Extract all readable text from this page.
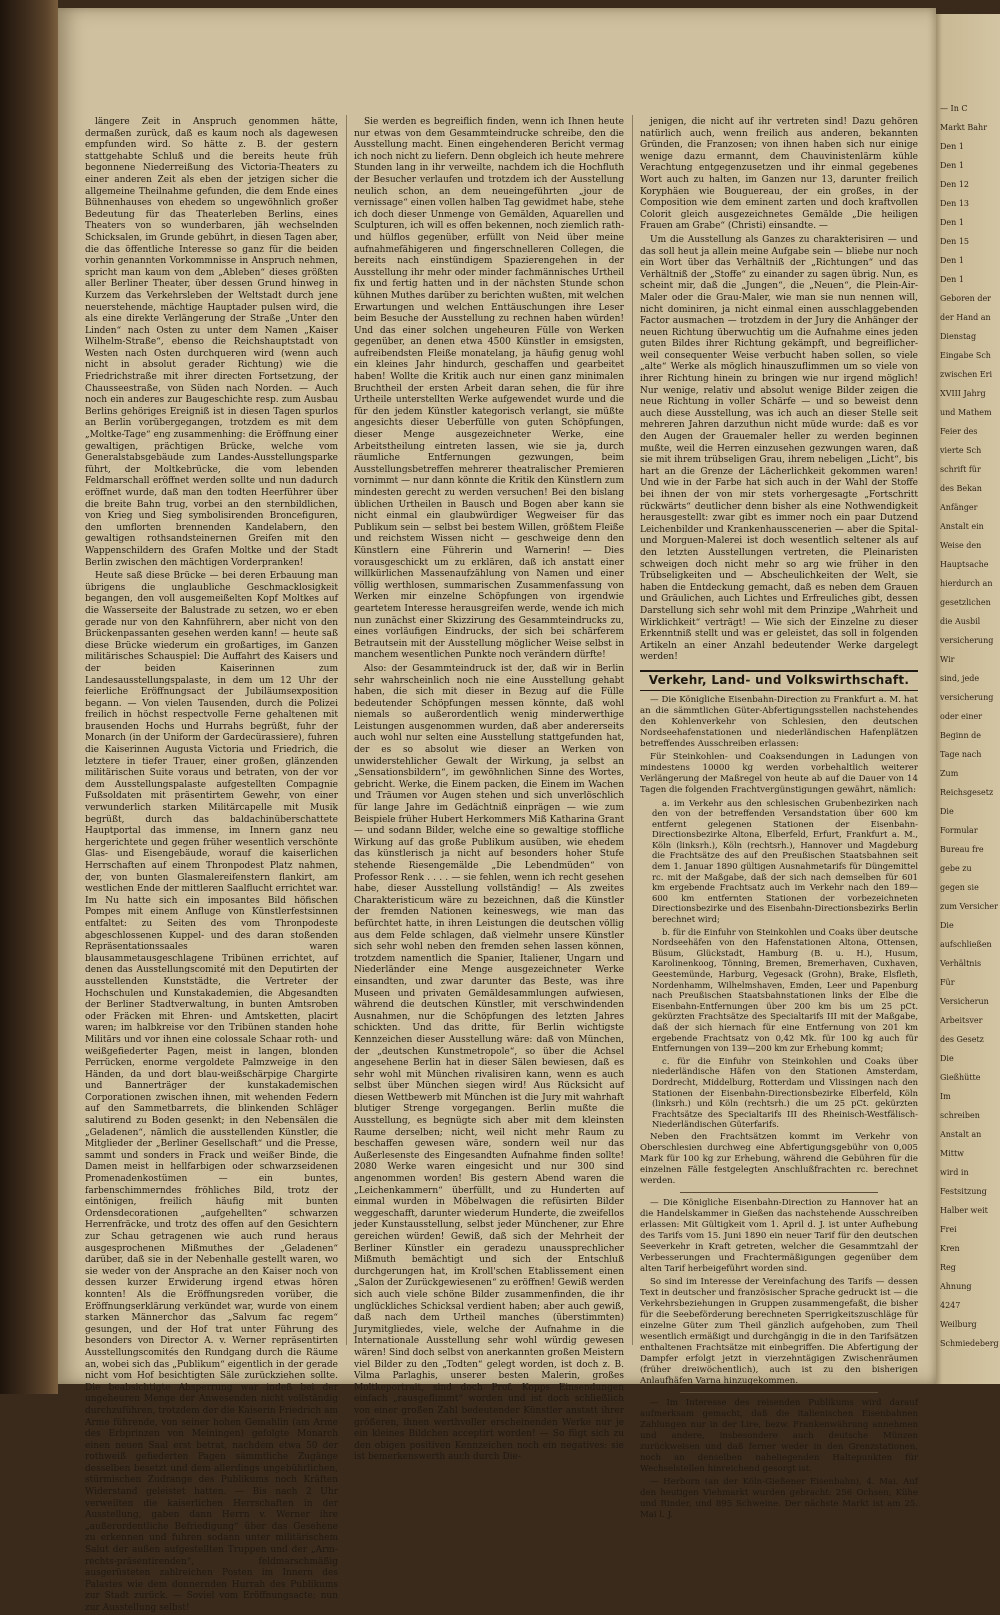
— In C
Markt Bahr
Den 1
Den 1
Den 12
Den 13
Den 1
Den 15
Den 1
Den 1
Geboren der
der Hand an
Dienstag
Eingabe Sch
zwischen Eri
XVIII Jahrg
und Mathem
Feier des
vierte Sch
schrift für
des Bekan
Anfänger
Anstalt ein
Weise den
Hauptsache
hierdurch an
gesetzlichen
die Ausbil
versicherung
Wir
sind, jede
versicherung
oder einer
Beginn de
Tage nach
Zum
Reichsgesetz
Die
Formular
Bureau fre
gebe zu
gegen sie
zum Versicher
Die
aufschließen
Verhältnis
Für
Versicherun
Arbeitsver
des Gesetz
Die
Gießhütte
Im
schreiben
Anstalt an
Mittw
wird in
Festsitzung
Halber weit
Frei
Kren
Reg
Ahnung
4247
Weilburg
Schmiedeberg

längere Zeit in Anspruch genommen hätte, dermaßen zurück, daß es kaum noch als dagewesen empfunden wird. So hätte z. B. der gestern stattgehabte Schluß und die bereits heute früh begonnene Niederreißung des Victoria-Theaters zu einer anderen Zeit als eben der jetzigen sicher die allgemeine Theilnahme gefunden, die dem Ende eines Bühnenhauses von ehedem so ungewöhnlich großer Bedeutung für das Theaterleben Berlins, eines Theaters von so wunderbaren, jäh wechselnden Schicksalen, im Grunde gebührt, in diesen Tagen aber, die das öffentliche Interesse so ganz für die beiden vorhin genannten Vorkommnisse in Anspruch nehmen, spricht man kaum von dem „Ableben“ dieses größten aller Berliner Theater, über dessen Grund hinweg in Kurzem das Verkehrsleben der Weltstadt durch jene neuerstehende, mächtige Hauptader pulsen wird, die als eine direkte Verlängerung der Straße „Unter den Linden“ nach Osten zu unter dem Namen „Kaiser Wilhelm-Straße“, ebenso die Reichshauptstadt von Westen nach Osten durchqueren wird (wenn auch nicht in absolut gerader Richtung) wie die Friedrichstraße mit ihrer directen Fortsetzung, der Chausseestraße, von Süden nach Norden. — Auch noch ein anderes zur Baugeschichte resp. zum Ausbau Berlins gehöriges Ereigniß ist in diesen Tagen spurlos an Berlin vorübergegangen, trotzdem es mit dem „Moltke-Tage“ eng zusammenhing: die Eröffnung einer gewaltigen, prächtigen Brücke, welche vom Generalstabsgebäude zum Landes-Ausstellungsparke führt, der Moltkebrücke, die vom lebenden Feldmarschall eröffnet werden sollte und nun dadurch eröffnet wurde, daß man den todten Heerführer über die breite Bahn trug, vorbei an den sternbildlichen, von Krieg und Sieg symbolisirenden Broncefiguren, den umflorten brennenden Kandelabern, den gewaltigen rothsandsteinernen Greifen mit den Wappenschildern des Grafen Moltke und der Stadt Berlin zwischen den mächtigen Vorderpranken!

Heute saß diese Brücke — bei deren Erbauung man übrigens die unglaubliche Geschmacklosigkeit begangen, den voll ausgemeißelten Kopf Moltkes auf die Wasserseite der Balustrade zu setzen, wo er eben gerade nur von den Kahnführern, aber nicht von den Brückenpassanten gesehen werden kann! — heute saß diese Brücke wiederum ein großartiges, im Ganzen militärisches Schauspiel: Die Auffahrt des Kaisers und der beiden Kaiserinnen zum Landesausstellungspalaste, in dem um 12 Uhr der feierliche Eröffnungsact der Jubiläumsexposition begann. — Von vielen Tausenden, durch die Polizei freilich in höchst respectvolle Ferne gehaltenen mit brausenden Hochs und Hurrahs begrüßt, fuhr der Monarch (in der Uniform der Gardecürassiere), fuhren die Kaiserinnen Augusta Victoria und Friedrich, die letztere in tiefer Trauer, einer großen, glänzenden militärischen Suite voraus und betraten, von der vor dem Ausstellungspalaste aufgestellten Compagnie Fußsoldaten mit präsentirtem Gewehr, von einer verwunderlich starken Militärcapelle mit Musik begrüßt, durch das baldachinüberschattete Hauptportal das immense, im Innern ganz neu hergerichtete und gegen früher wesentlich verschönte Glas- und Eisengebäude, worauf die kaiserlichen Herrschaften auf einem Thronpodest Platz nahmen, der, von bunten Glasmalereifenstern flankirt, am westlichen Ende der mittleren Saalflucht errichtet war. Im Nu hatte sich ein imposantes Bild höfischen Pompes mit einem Anfluge von Künstlerfestsinnen entfaltet: zu Seiten des vom Thronpodeste abgeschlossenen Kuppel- und des daran stoßenden Repräsentationssaales waren blausammetausgeschlagene Tribünen errichtet, auf denen das Ausstellungscomité mit den Deputirten der ausstellenden Kunststädte, die Vertreter der Hochschulen und Kunstakademien, die Abgesandten der Berliner Stadtverwaltung, in bunten Amtsroben oder Fräcken mit Ehren- und Amtsketten, placirt waren; im halbkreise vor den Tribünen standen hohe Militärs und vor ihnen eine colossale Schaar roth- und weißgefiederter Pagen, meist in langen, blonden Perrücken, enorme vergoldete Palmzweige in den Händen, da und dort blau-weißschärpige Chargirte und Bannerträger der kunstakademischen Corporationen zwischen ihnen, mit wehenden Federn auf den Sammetbarrets, die blinkenden Schläger salutirend zu Boden gesenkt; in den Nebensälen die „Geladenen“, nämlich die ausstellenden Künstler, die Mitglieder der „Berliner Gesellschaft“ und die Presse, sammt und sonders in Frack und weißer Binde, die Damen meist in hellfarbigen oder schwarzseidenen Promenadenkostümen — ein buntes, farbenschimmerndes fröhliches Bild, trotz der eintönigen, freilich häufig mit bunten Ordensdecorationen „aufgehellten“ schwarzen Herrenfräcke, und trotz des offen auf den Gesichtern zur Schau getragenen wie auch rund heraus ausgesprochenen Mißmuthes der „Geladenen“ darüber, daß sie in der Nebenhalle gestellt waren, wo sie weder von der Ansprache an den Kaiser noch von dessen kurzer Erwiderung irgend etwas hören konnten! Als die Eröffnungsreden vorüber, die Eröffnungserklärung verkündet war, wurde von einem starken Männerchor das „Salvum fac regem“ gesungen, und der Hof trat unter Führung des besonders von Director A. v. Werner repräsentirten Ausstellungscomités den Rundgang durch die Räume an, wobei sich das „Publikum“ eigentlich in der gerade nicht vom Hof besichtigten Säle zurückziehen sollte. Die beabsichtigte Absperrung war indeß bei der ungeheuren Menge der Anwesenden nicht vollständig durchzuführen, trotzdem der die Kaiserin Friedrich am Arme führende, von seiner hohen Gemahlin (am Arme des Erbprinzen von Meiningen) gefolgte Monarch einen neuen Saal erst betrat, nachdem etwa 50 der rothweiß gefiederten Pagen sämmtliche Zugänge desselben besetzt und dem allerdings ungebührlichen, stürmischen Zudrange des Publikums noch Kräften Widerstand geleistet hatten. — Bis nach 2 Uhr verweilten die kaiserlichen Herrschaften in der Ausstellung, gaben dann Herrn v. Werner ihre „außerordentliche Befriedigung“ über das Gesehene zu erkennen und fuhren sodann unter militärischem Salut der außen aufgestellten Truppen und der „Arm-rechts-präsentirenden“, feldmarschmäßig ausgerüsteten zahlreichen Posten im Innern des Palastes wie dem donnernden Hurrah des Publikums zur Stadt zurück. — Soviel vom Eröffnungsacte; nun zur Ausstellung selbst!

Sie werden es begreiflich finden, wenn ich Ihnen heute nur etwas von dem Gesammteindrucke schreibe, den die Ausstellung macht. Einen eingehenderen Bericht vermag ich noch nicht zu liefern. Denn obgleich ich heute mehrere Stunden lang in ihr verweilte, nachdem ich die Hochfluth der Besucher verlaufen und trotzdem ich der Ausstellung neulich schon, an dem neueingeführten „jour de vernissage“ einen vollen halben Tag gewidmet habe, stehe ich doch dieser Unmenge von Gemälden, Aquarellen und Sculpturen, ich will es offen bekennen, noch ziemlich rath- und hülflos gegenüber, erfüllt von Neid über meine aufnahmefähigeren und fingerschnelleren Collegen, die bereits nach einstündigem Spazierengehen in der Ausstellung ihr mehr oder minder fachmännisches Urtheil fix und fertig hatten und in der nächsten Stunde schon kühnen Muthes darüber zu berichten wußten, mit welchen Erwartungen und welchen Enttäuschungen ihre Leser beim Besuche der Ausstellung zu rechnen haben würden! Und das einer solchen ungeheuren Fülle von Werken gegenüber, an denen etwa 4500 Künstler in emsigsten, aufreibendsten Fleiße monatelang, ja häufig genug wohl ein kleines Jahr hindurch, geschaffen und gearbeitet haben! Wollte die Kritik auch nur einen ganz minimalen Bruchtheil der ersten Arbeit daran sehen, die für ihre Urtheile unterstellten Werke aufgewendet wurde und die für den jedem Künstler kategorisch verlangt, sie müßte angesichts dieser Ueberfülle von guten Schöpfungen, dieser Menge ausgezeichneter Werke, eine Arbeitstheilung eintreten lassen, wie sie ja, durch räumliche Entfernungen gezwungen, beim Ausstellungsbetreffen mehrerer theatralischer Premieren vornimmt — nur dann könnte die Kritik den Künstlern zum mindesten gerecht zu werden versuchen! Bei den bislang üblichen Urtheilen in Bausch und Bogen aber kann sie nicht einmal ein glaubwürdiger Wegweiser für das Publikum sein — selbst bei bestem Willen, größtem Fleiße und reichstem Wissen nicht — geschweige denn den Künstlern eine Führerin und Warnerin! — Dies vorausgeschickt um zu erklären, daß ich anstatt einer willkürlichen Massenaufzählung von Namen und einer völlig werthlosen, summarischen Zusammenfassung von Werken mir einzelne Schöpfungen von irgendwie geartetem Interesse herausgreifen werde, wende ich mich nun zunächst einer Skizzirung des Gesammteindrucks zu, eines vorläufigen Eindrucks, der sich bei schärferem Betrautsein mit der Ausstellung möglicher Weise selbst in manchem wesentlichen Punkte noch verändern dürfte!

Also: der Gesammteindruck ist der, daß wir in Berlin sehr wahrscheinlich noch nie eine Ausstellung gehabt haben, die sich mit dieser in Bezug auf die Fülle bedeutender Schöpfungen messen könnte, daß wohl niemals so außerordentlich wenig minderwerthige Leistungen ausgenommen wurden, daß aber andererseits auch wohl nur selten eine Ausstellung stattgefunden hat, der es so absolut wie dieser an Werken von unwiderstehlicher Gewalt der Wirkung, ja selbst an „Sensationsbildern“, im gewöhnlichen Sinne des Wortes, gebricht. Werke, die Einem packen, die Einem im Wachen und Träumen vor Augen stehen und sich unverlöschlich für lange Jahre im Gedächtniß einprägen — wie zum Beispiele früher Hubert Herkommers Miß Katharina Grant — und sodann Bilder, welche eine so gewaltige stoffliche Wirkung auf das große Publikum ausüben, wie ehedem das künstlerisch ja nicht auf besonders hoher Stufe stehende Riesengemälde „Die Lebendmüden“ von Professor Renk . . . . — sie fehlen, wenn ich recht gesehen habe, dieser Ausstellung vollständig! — Als zweites Charakteristicum wäre zu bezeichnen, daß die Künstler der fremden Nationen keineswegs, wie man das befürchtet hatte, in ihren Leistungen die deutschen völlig aus dem Felde schlagen, daß vielmehr unsere Künstler sich sehr wohl neben den fremden sehen lassen können, trotzdem namentlich die Spanier, Italiener, Ungarn und Niederländer eine Menge ausgezeichneter Werke einsandten, und zwar darunter das Beste, was ihre Museen und privaten Gemäldesammlungen aufwiesen, während die deutschen Künstler, mit verschwindenden Ausnahmen, nur die Schöpfungen des letzten Jahres schickten. Und das dritte, für Berlin wichtigste Kennzeichen dieser Ausstellung wäre: daß von München, der „deutschen Kunstmetropole“, so über die Achsel angesehene Berlin hat in dieser Sälen bewiesen, daß es sehr wohl mit München rivalisiren kann, wenn es auch selbst über München siegen wird! Aus Rücksicht auf diesen Wettbewerb mit München ist die Jury mit wahrhaft blutiger Strenge vorgegangen. Berlin mußte die Ausstellung, es begnügte sich aber mit dem kleinsten Raume derselben; nicht, weil nicht mehr Raum zu beschaffen gewesen wäre, sondern weil nur das Außerlesenste des Eingesandten Aufnahme finden sollte! 2080 Werke waren eingesicht und nur 300 sind angenommen worden! Bis gestern Abend waren die „Leichenkammern“ überfüllt, und zu Hunderten auf einmal wurden in Möbelwagen die refüsirten Bilder weggeschafft, darunter wiederum Hunderte, die zweifellos jeder Kunstausstellung, selbst jeder Münchener, zur Ehre gereichen würden! Gewiß, daß sich der Mehrheit der Berliner Künstler ein geradezu unaussprechlicher Mißmuth bemächtigt und sich der Entschluß durchgerungen hat, im Kroll'schen Etablissement einen „Salon der Zurückgewiesenen“ zu eröffnen! Gewiß werden sich auch viele schöne Bilder zusammenfinden, die ihr unglückliches Schicksal verdient haben; aber auch gewiß, daß nach dem Urtheil manches (überstimmten) Jurymitgliedes, viele, welche der Aufnahme in die Internationale Ausstellung sehr wohl würdig gewesen wären! Sind doch selbst von anerkannten großen Meistern viel Bilder zu den „Todten“ gelegt worden, ist doch z. B. Vilma Parlaghis, unserer besten Malerin, großes Moltkeportrait, sind doch Prof. Kopps Einsendungen einfach „rausgeflimmt“ worden und ist doch schließlich von einer großen Zahl bedeutender Künstler anstatt ihrer größeren, ihnen werthvoller erscheinenden Werke nur je ein kleines Bildchen acceptirt worden! — So fügt sich zu den obigen positiven Kennzeichen noch ein negatives: sie ist bemerkenswerth auch durch Die-

jenigen, die nicht auf ihr vertreten sind! Dazu gehören natürlich auch, wenn freilich aus anderen, bekannten Gründen, die Franzosen; von ihnen haben sich nur einige wenige dazu ermannt, dem Chauvinistenlärm kühle Verachtung entgegenzusetzen und ihr einmal gegebenes Wort auch zu halten, im Ganzen nur 13, darunter freilich Koryphäen wie Bouguereau, der ein großes, in der Composition wie dem eminent zarten und doch kraftvollen Colorit gleich ausgezeichnetes Gemälde „Die heiligen Frauen am Grabe“ (Christi) einsandte. —

Um die Ausstellung als Ganzes zu charakterisiren — und das soll heut ja allein meine Aufgabe sein — bliebe nur noch ein Wort über das Verhältniß der „Richtungen“ und das Verhältniß der „Stoffe“ zu einander zu sagen übrig. Nun, es scheint mir, daß die „Jungen“, die „Neuen“, die Plein-Air-Maler oder die Grau-Maler, wie man sie nun nennen will, nicht dominiren, ja nicht einmal einen ausschlaggebenden Factor ausmachen — trotzdem in der Jury die Anhänger der neuen Richtung überwuchtig um die Aufnahme eines jeden guten Bildes ihrer Richtung gekämpft, und begreiflicher-weil consequenter Weise verbucht haben sollen, so viele „alte“ Werke als möglich hinauszuflimmen um so viele von ihrer Richtung hinein zu bringen wie nur irgend möglich! Nur wenige, relativ und absolut wenige Bilder zeigen die neue Richtung in voller Schärfe — und so beweist denn auch diese Ausstellung, was ich auch an dieser Stelle seit mehreren Jahren darzuthun nicht müde wurde: daß es vor den Augen der Grauemaler heller zu werden beginnen mußte, weil die Herren einzusehen gezwungen waren, daß sie mit ihrem trübseligen Grau, ihrem nebeligen „Licht“, bis hart an die Grenze der Lächerlichkeit gekommen waren! Und wie in der Farbe hat sich auch in der Wahl der Stoffe bei ihnen der von mir stets vorhergesagte „Fortschritt rückwärts“ deutlicher denn bisher als eine Nothwendigkeit herausgestellt: zwar gibt es immer noch ein paar Dutzend Leichenbilder und Krankenhausscenerien — aber die Spital- und Morguen-Malerei ist doch wesentlich seltener als auf den letzten Ausstellungen vertreten, die Pleinaristen schweigen doch nicht mehr so arg wie früher in den Trübseligkeiten und — Abscheulichkeiten der Welt, sie haben die Entdeckung gemacht, daß es neben dem Grauen und Gräulichen, auch Lichtes und Erfreuliches gibt, dessen Darstellung sich sehr wohl mit dem Prinzipe „Wahrheit und Wirklichkeit“ verträgt! — Wie sich der Einzelne zu dieser Erkenntniß stellt und was er geleistet, das soll in folgenden Artikeln an einer Anzahl bedeutender Werke dargelegt werden!

Verkehr, Land- und Volkswirthschaft.

— Die Königliche Eisenbahn-Direction zu Frankfurt a. M. hat an die sämmtlichen Güter-Abfertigungsstellen nachstehendes den Kohlenverkehr von Schlesien, den deutschen Nordseehafenstationen und niederländischen Hafenplätzen betreffendes Ausschreiben erlassen:

Für Steinkohlen- und Coaksendungen in Ladungen von mindestens 10000 kg werden vorbehaltlich weiterer Verlängerung der Maßregel von heute ab auf die Dauer von 14 Tagen die folgenden Frachtvergünstigungen gewährt, nämlich:

a. im Verkehr aus den schlesischen Grubenbezirken nach den von der betreffenden Versandstation über 600 km entfernt gelegenen Stationen der Eisenbahn-Directionsbezirke Altona, Elberfeld, Erfurt, Frankfurt a. M., Köln (linksrh.), Köln (rechtsrh.), Hannover und Magdeburg die Frachtsätze des auf den Preußischen Staatsbahnen seit dem 1. Januar 1890 gültigen Ausnahmetarifs für Düngemittel rc. mit der Maßgabe, daß der sich nach demselben für 601 km ergebende Frachtsatz auch im Verkehr nach den 189—600 km entfernten Stationen der vorbezeichneten Directionsbezirke und des Eisenbahn-Directionsbezirks Berlin berechnet wird;

b. für die Einfuhr von Steinkohlen und Coaks über deutsche Nordseehäfen von den Hafenstationen Altona, Ottensen, Büsum, Glückstadt, Hamburg (B. u. H.), Husum, Karolinenkoog, Tönning, Bremen, Bremerhaven, Cuxhaven, Geestemünde, Harburg, Vegesack (Grohn), Brake, Elsfleth, Nordenhamm, Wilhelmshaven, Emden, Leer und Papenburg nach Preußischen Staatsbahnstationen links der Elbe die Eisenbahn-Entfernungen über 200 km bis um 25 pCt. gekürzten Frachtsätze des Specialtarifs III mit der Maßgabe, daß der sich hiernach für eine Entfernung von 201 km ergebende Frachtsatz von 0,42 Mk. für 100 kg auch für Entfernungen von 139—200 km zur Erhebung kommt;

c. für die Einfuhr von Steinkohlen und Coaks über niederländische Häfen von den Stationen Amsterdam, Dordrecht, Middelburg, Rotterdam und Vlissingen nach den Stationen der Eisenbahn-Directionsbezirke Elberfeld, Köln (linksrh.) und Köln (rechtsrh.) die um 25 pCt. gekürzten Frachtsätze des Specialtarifs III des Rheinisch-Westfälisch-Niederländischen Güterfarifs.

Neben den Frachtsätzen kommt im Verkehr von Oberschlesien durchweg eine Abfertigungsgebühr von 0,005 Mark für 100 kg zur Erhebung, während die Gebühren für die einzelnen Fälle festgelegten Anschlußfrachten rc. berechnet werden.

— Die Königliche Eisenbahn-Direction zu Hannover hat an die Handelskammer in Gießen das nachstehende Ausschreiben erlassen: Mit Gültigkeit vom 1. April d. J. ist unter Aufhebung des Tarifs vom 15. Juni 1890 ein neuer Tarif für den deutschen Seeverkehr in Kraft getreten, welcher die Gesammtzahl der Verbesserungen und Frachtermäßigungen gegenüber dem alten Tarif herbeigeführt worden sind.

So sind im Interesse der Vereinfachung des Tarifs — dessen Text in deutscher und französischer Sprache gedruckt ist — die Verkehrsbeziehungen in Gruppen zusammengefaßt, die bisher für die Seebeförderung berechneten Sperrigkeitszuschläge für einzelne Güter zum Theil gänzlich aufgehoben, zum Theil wesentlich ermäßigt und durchgängig in die in den Tarifsätzen enthaltenen Frachtsätze mit einbegriffen. Die Abfertigung der Dampfer erfolgt jetzt in vierzehntägigen Zwischenräumen (früher dreiwöchentlich), auch ist zu den bisherigen Anlaufhäfen Varna hinzugekommen.

— Im Interesse des reisenden Publikums wird darauf aufmerksam gemacht, daß die italienischen Eisenbahnen Zahlungen nur in der Lire, bezw. Frankenwährung annehmen und andere, insbesondere auch deutsche Münzen zurückweisen und daß ferner weder in den Grenzstationen, noch an denselben naheliegenden Haltepunkten für Wechselstellen hinreichend gesorgt ist.

— Herborn (an der Köln-Gießener Eisenbahn), 4. Mai. Auf den heutigen Viehmarkt wurden gebracht: 256 Ochsen, Kühe und Rinder, und 895 Schweine. Der nächste Markt ist am 25. Mai l. J.
